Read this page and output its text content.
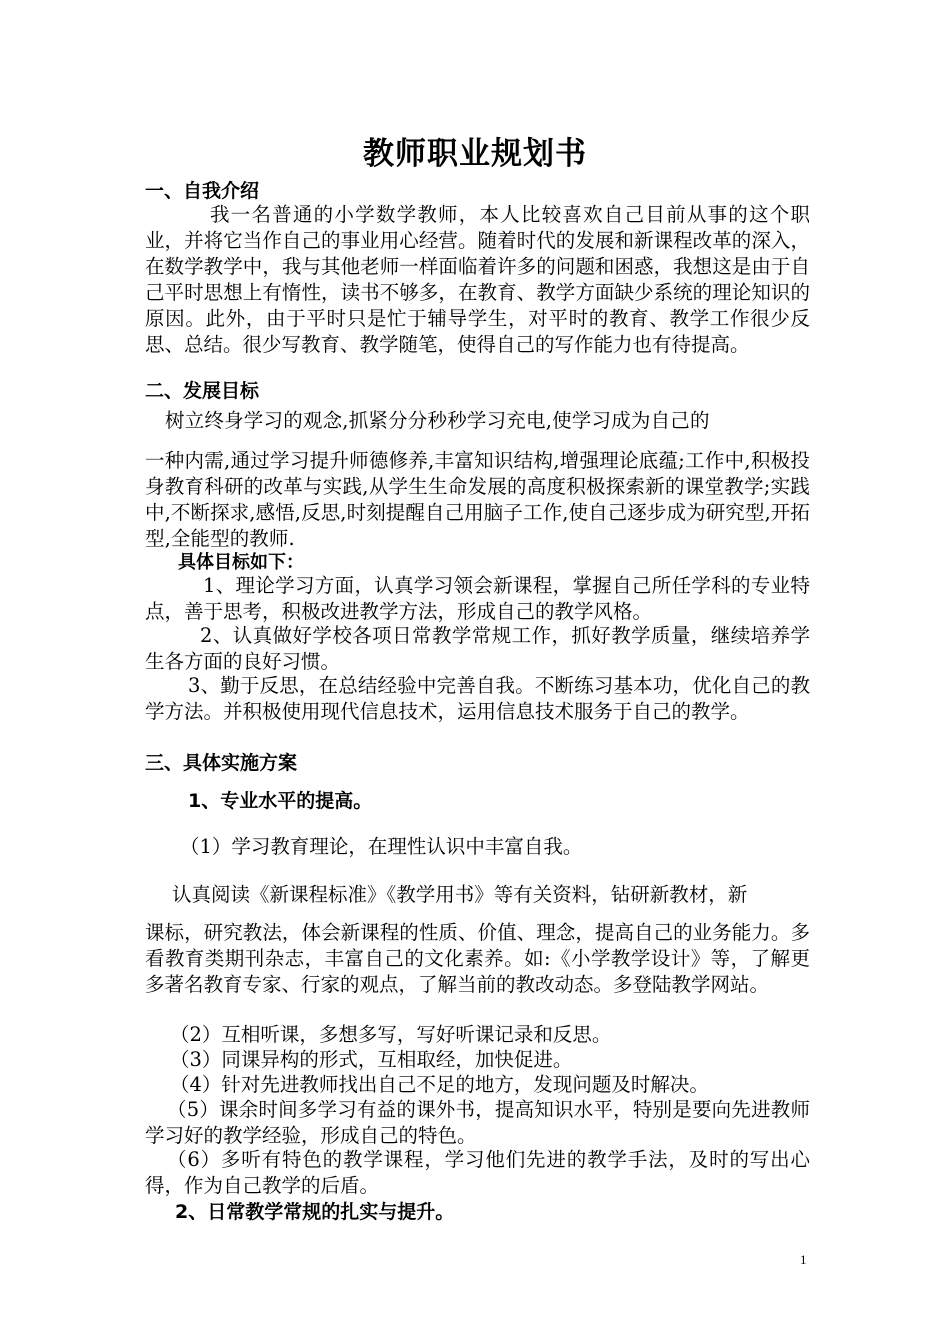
教师职业规划书
一、自我介绍
我一名普通的小学数学教师，本人比较喜欢自己目前从事的这个职业，并将它当作自己的事业用心经营。随着时代的发展和新课程改革的深入，在数学教学中，我与其他老师一样面临着许多的问题和困惑，我想这是由于自己平时思想上有惰性，读书不够多，在教育、教学方面缺少系统的理论知识的原因。此外，由于平时只是忙于辅导学生，对平时的教育、教学工作很少反思、总结。很少写教育、教学随笔，使得自己的写作能力也有待提高。
二、发展目标
树立终身学习的观念,抓紧分分秒秒学习充电,使学习成为自己的
一种内需,通过学习提升师德修养,丰富知识结构,增强理论底蕴;工作中,积极投身教育科研的改革与实践,从学生生命发展的高度积极探索新的课堂教学;实践中,不断探求,感悟,反思,时刻提醒自己用脑子工作,使自己逐步成为研究型,开拓型,全能型的教师.
具体目标如下：
1、理论学习方面，认真学习领会新课程，掌握自己所任学科的专业特点，善于思考，积极改进教学方法，形成自己的教学风格。
2、认真做好学校各项日常教学常规工作，抓好教学质量，继续培养学生各方面的良好习惯。
3、勤于反思，在总结经验中完善自我。不断练习基本功，优化自己的教学方法。并积极使用现代信息技术，运用信息技术服务于自己的教学。
三、具体实施方案
1、专业水平的提高。
（1）学习教育理论，在理性认识中丰富自我。
认真阅读《新课程标准》《教学用书》等有关资料，钻研新教材，新
课标，研究教法，体会新课程的性质、价值、理念，提高自己的业务能力。多看教育类期刊杂志，丰富自己的文化素养。如:《小学教学设计》等，了解更多著名教育专家、行家的观点，了解当前的教改动态。多登陆教学网站。
（2）互相听课，多想多写，写好听课记录和反思。
（3）同课异构的形式，互相取经，加快促进。
（4）针对先进教师找出自己不足的地方，发现问题及时解决。
（5）课余时间多学习有益的课外书，提高知识水平，特别是要向先进教师学习好的教学经验，形成自己的特色。
（6）多听有特色的教学课程，学习他们先进的教学手法，及时的写出心得，作为自己教学的后盾。
2、日常教学常规的扎实与提升。
1
